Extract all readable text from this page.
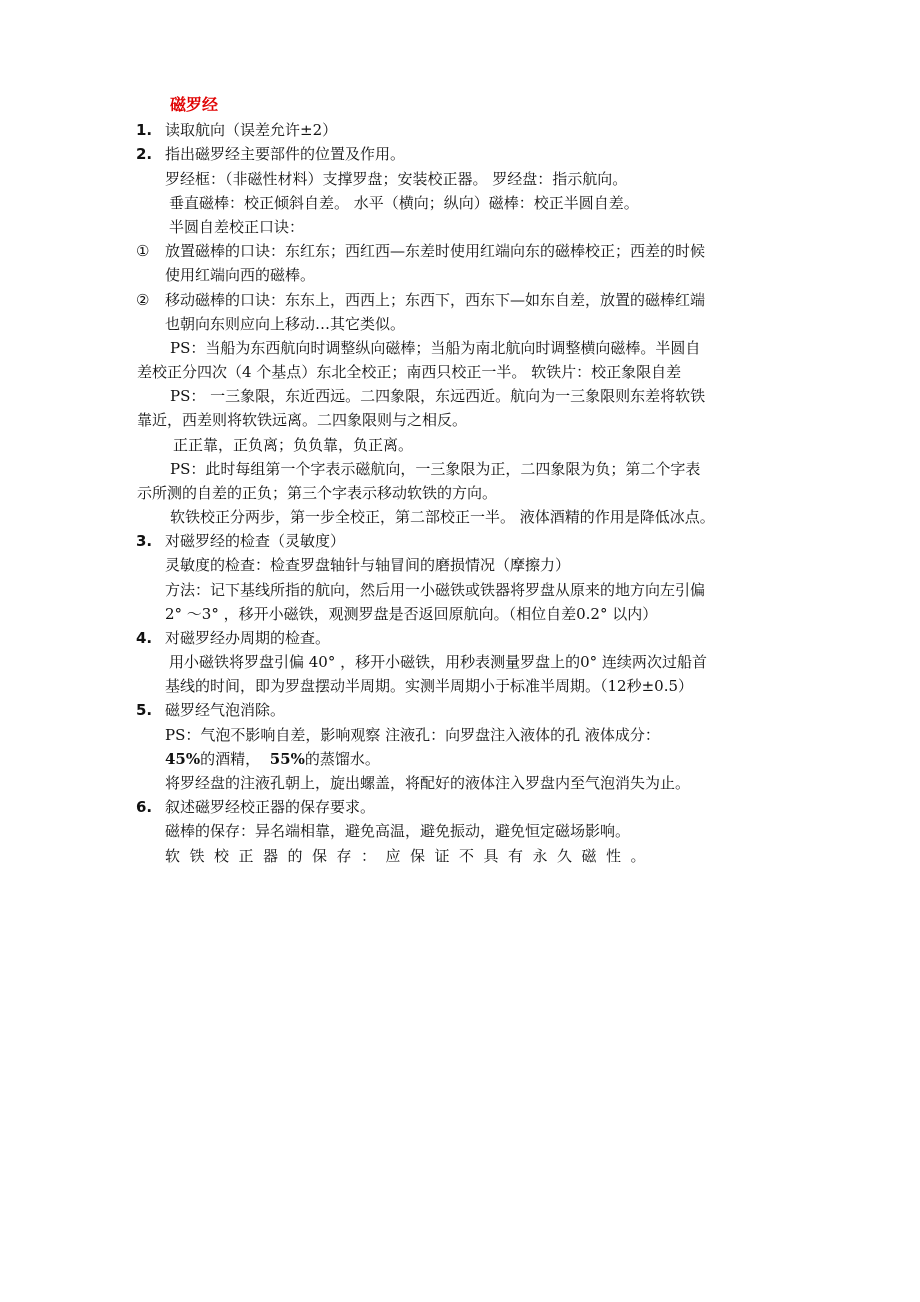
磁罗经
1. 读取航向（误差允许±2）
2. 指出磁罗经主要部件的位置及作用。
罗经框：（非磁性材料）支撑罗盘；安装校正器。 罗经盘：指示航向。
垂直磁棒：校正倾斜自差。 水平（横向；纵向）磁棒：校正半圆自差。
半圆自差校正口诀：
① 放置磁棒的口诀：东红东；西红西—东差时使用红端向东的磁棒校正；西差的时候
使用红端向西的磁棒。
② 移动磁棒的口诀：东东上，西西上；东西下，西东下—如东自差，放置的磁棒红端
也朝向东则应向上移动…其它类似。
PS：当船为东西航向时调整纵向磁棒；当船为南北航向时调整横向磁棒。半圆自
差校正分四次（4 个基点）东北全校正；南西只校正一半。 软铁片：校正象限自差
PS： 一三象限，东近西远。二四象限，东远西近。航向为一三象限则东差将软铁
靠近，西差则将软铁远离。二四象限则与之相反。
正正靠，正负离；负负靠，负正离。
PS：此时每组第一个字表示磁航向，一三象限为正，二四象限为负；第二个字表
示所测的自差的正负；第三个字表示移动软铁的方向。
软铁校正分两步，第一步全校正，第二部校正一半。 液体酒精的作用是降低冰点。
3. 对磁罗经的检查（灵敏度）
灵敏度的检查：检查罗盘轴针与轴冒间的磨损情况（摩擦力）
方法：记下基线所指的航向，然后用一小磁铁或铁器将罗盘从原来的地方向左引偏
2° ～3° ，移开小磁铁，观测罗盘是否返回原航向。（相位自差0.2° 以内）
4. 对磁罗经办周期的检查。
用小磁铁将罗盘引偏 40° ，移开小磁铁，用秒表测量罗盘上的0° 连续两次过船首
基线的时间，即为罗盘摆动半周期。实测半周期小于标准半周期。（12秒±0.5）
5. 磁罗经气泡消除。
PS：气泡不影响自差，影响观察 注液孔：向罗盘注入液体的孔 液体成分：
45%的酒精， 55%的蒸馏水。
将罗经盘的注液孔朝上，旋出螺盖，将配好的液体注入罗盘内至气泡消失为止。
6. 叙述磁罗经校正器的保存要求。
磁棒的保存：异名端相靠，避免高温，避免振动，避免恒定磁场影响。
软铁校正器的保存：应保证不具有永久磁性。
